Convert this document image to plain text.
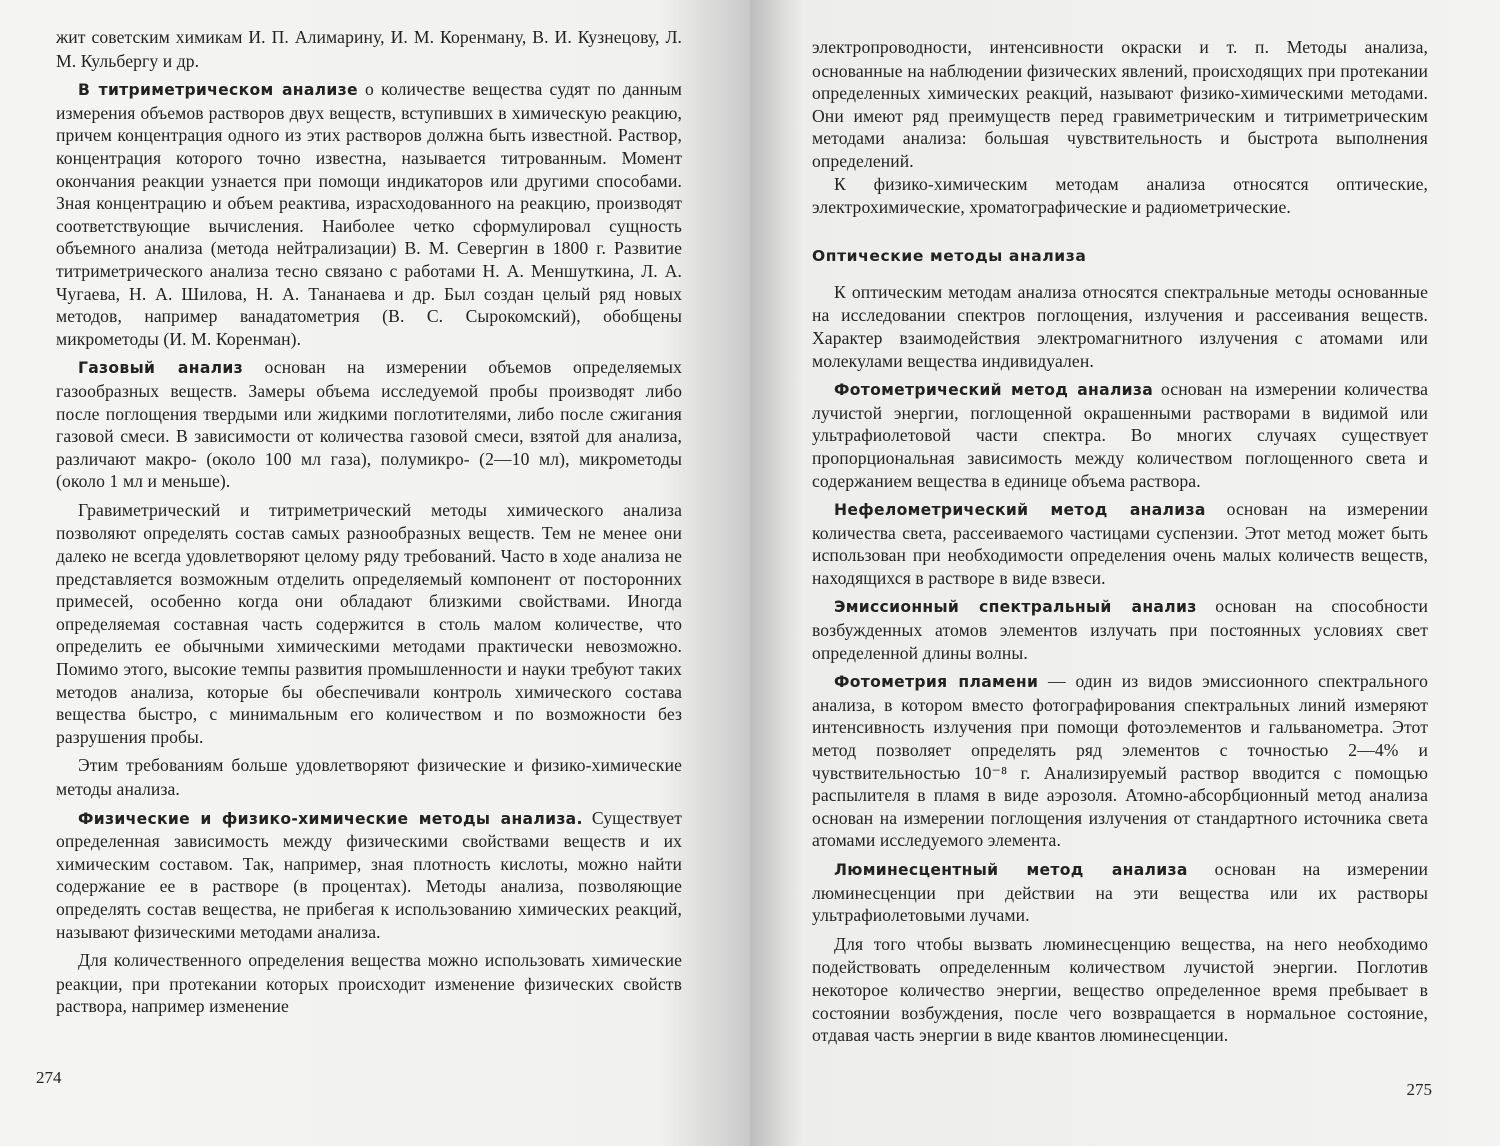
жит советским химикам И. П. Алимарину, И. М. Коренману, В. И. Кузнецову, Л. М. Кульбергу и др.

В титриметрическом анализе о количестве вещества судят по данным измерения объемов растворов двух веществ, вступивших в химическую реакцию, причем концентрация одного из этих растворов должна быть известной. Раствор, концентрация которого точно известна, называется титрованным. Момент окончания реакции узнается при помощи индикаторов или другими способами. Зная концентрацию и объем реактива, израсходованного на реакцию, производят соответствующие вычисления. Наиболее четко сформулировал сущность объемного анализа (метода нейтрализации) В. М. Севергин в 1800 г. Развитие титриметрического анализа тесно связано с работами Н. А. Меншуткина, Л. А. Чугаева, Н. А. Шилова, Н. А. Тананаева и др. Был создан целый ряд новых методов, например ванадатометрия (В. С. Сырокомский), обобщены микрометоды (И. М. Коренман).

Газовый анализ основан на измерении объемов определяемых газообразных веществ. Замеры объема исследуемой пробы производят либо после поглощения твердыми или жидкими поглотителями, либо после сжигания газовой смеси. В зависимости от количества газовой смеси, взятой для анализа, различают макро- (около 100 мл газа), полумикро- (2—10 мл), микрометоды (около 1 мл и меньше).

Гравиметрический и титриметрический методы химического анализа позволяют определять состав самых разнообразных веществ. Тем не менее они далеко не всегда удовлетворяют целому ряду требований. Часто в ходе анализа не представляется возможным отделить определяемый компонент от посторонних примесей, особенно когда они обладают близкими свойствами. Иногда определяемая составная часть содержится в столь малом количестве, что определить ее обычными химическими методами практически невозможно. Помимо этого, высокие темпы развития промышленности и науки требуют таких методов анализа, которые бы обеспечивали контроль химического состава вещества быстро, с минимальным его количеством и по возможности без разрушения пробы.

Этим требованиям больше удовлетворяют физические и физико-химические методы анализа.

Физические и физико-химические методы анализа. Существует определенная зависимость между физическими свойствами веществ и их химическим составом. Так, например, зная плотность кислоты, можно найти содержание ее в растворе (в процентах). Методы анализа, позволяющие определять состав вещества, не прибегая к использованию химических реакций, называют физическими методами анализа.

Для количественного определения вещества можно использовать химические реакции, при протекании которых происходит изменение физических свойств раствора, например изменение

274

электропроводности, интенсивности окраски и т. п. Методы анализа, основанные на наблюдении физических явлений, происходящих при протекании определенных химических реакций, называют физико-химическими методами. Они имеют ряд преимуществ перед гравиметрическим и титриметрическим методами анализа: большая чувствительность и быстрота выполнения определений.

К физико-химическим методам анализа относятся оптические, электрохимические, хроматографические и радиометрические.

Оптические методы анализа

К оптическим методам анализа относятся спектральные методы основанные на исследовании спектров поглощения, излучения и рассеивания веществ. Характер взаимодействия электромагнитного излучения с атомами или молекулами вещества индивидуален.

Фотометрический метод анализа основан на измерении количества лучистой энергии, поглощенной окрашенными растворами в видимой или ультрафиолетовой части спектра. Во многих случаях существует пропорциональная зависимость между количеством поглощенного света и содержанием вещества в единице объема раствора.

Нефелометрический метод анализа основан на измерении количества света, рассеиваемого частицами суспензии. Этот метод может быть использован при необходимости определения очень малых количеств веществ, находящихся в растворе в виде взвеси.

Эмиссионный спектральный анализ основан на способности возбужденных атомов элементов излучать при постоянных условиях свет определенной длины волны.

Фотометрия пламени — один из видов эмиссионного спектрального анализа, в котором вместо фотографирования спектральных линий измеряют интенсивность излучения при помощи фотоэлементов и гальванометра. Этот метод позволяет определять ряд элементов с точностью 2—4% и чувствительностью 10⁻⁸ г. Анализируемый раствор вводится с помощью распылителя в пламя в виде аэрозоля. Атомно-абсорбционный метод анализа основан на измерении поглощения излучения от стандартного источника света атомами исследуемого элемента.

Люминесцентный метод анализа основан на измерении люминесценции при действии на эти вещества или их растворы ультрафиолетовыми лучами.

Для того чтобы вызвать люминесценцию вещества, на него необходимо подействовать определенным количеством лучистой энергии. Поглотив некоторое количество энергии, вещество определенное время пребывает в состоянии возбуждения, после чего возвращается в нормальное состояние, отдавая часть энергии в виде квантов люминесценции.

275
